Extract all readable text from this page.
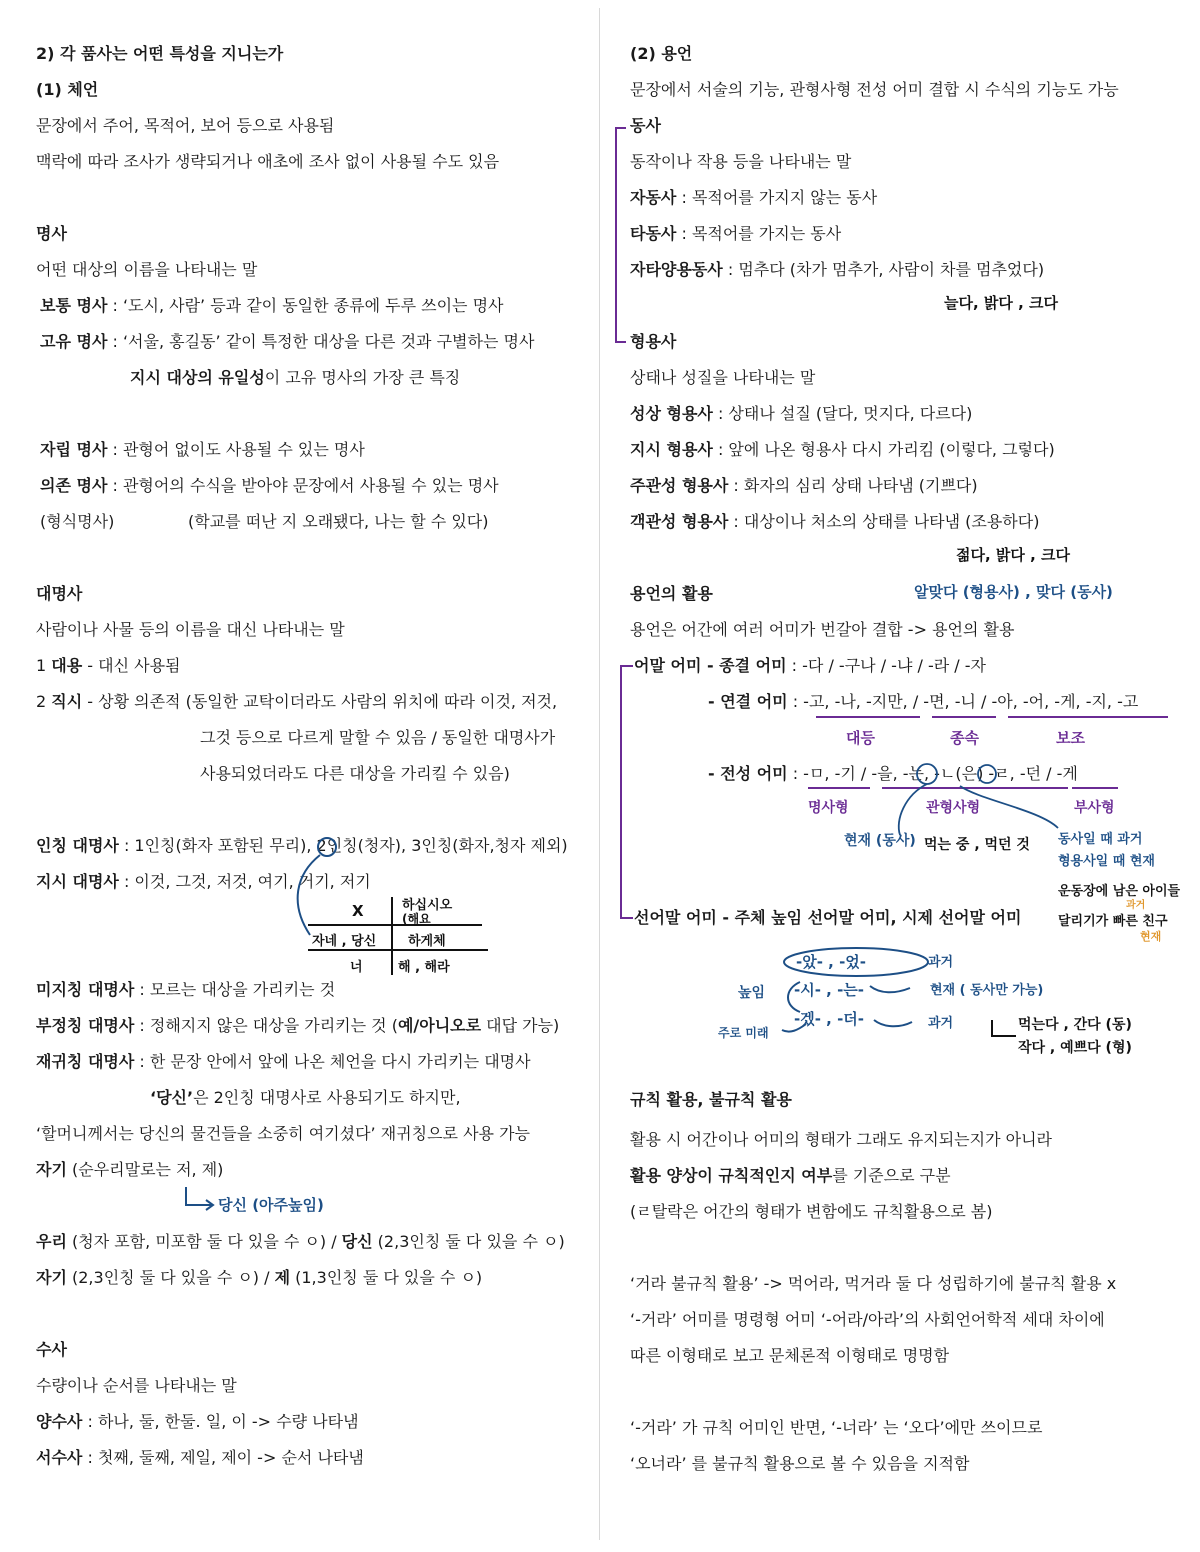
2) 각 품사는 어떤 특성을 지니는가
(1) 체언
문장에서 주어, 목적어, 보어 등으로 사용됨
맥락에 따라 조사가 생략되거나 애초에 조사 없이 사용될 수도 있음
명사
어떤 대상의 이름을 나타내는 말
보통 명사 : ‘도시, 사람’ 등과 같이 동일한 종류에 두루 쓰이는 명사
고유 명사 : ‘서울, 홍길동’ 같이 특정한 대상을 다른 것과 구별하는 명사
지시 대상의 유일성이 고유 명사의 가장 큰 특징
자립 명사 : 관형어 없이도 사용될 수 있는 명사
의존 명사 : 관형어의 수식을 받아야 문장에서 사용될 수 있는 명사
(형식명사)	(학교를 떠난 지 오래됐다, 나는 할 수 있다)
대명사
사람이나 사물 등의 이름을 대신 나타내는 말
1 대용 - 대신 사용됨
2 직시 - 상황 의존적 (동일한 교탁이더라도 사람의 위치에 따라 이것, 저것,
그것 등으로 다르게 말할 수 있음 / 동일한 대명사가
사용되었더라도 다른 대상을 가리킬 수 있음)
인칭 대명사 : 1인칭(화자 포함된 무리), 2인칭(청자), 3인칭(화자,청자 제외)
지시 대명사 : 이것, 그것, 저것, 여기, 거기, 저기
미지칭 대명사 : 모르는 대상을 가리키는 것
부정칭 대명사 : 정해지지 않은 대상을 가리키는 것 (예/아니오로 대답 가능)
재귀칭 대명사 : 한 문장 안에서 앞에 나온 체언을 다시 가리키는 대명사
‘당신’은 2인칭 대명사로 사용되기도 하지만,
‘할머니께서는 당신의 물건들을 소중히 여기셨다’ 재귀칭으로 사용 가능
자기 (순우리말로는 저, 제)
우리 (청자 포함, 미포함 둘 다 있을 수 ㅇ) / 당신 (2,3인칭 둘 다 있을 수 ㅇ)
자기 (2,3인칭 둘 다 있을 수 ㅇ) / 제 (1,3인칭 둘 다 있을 수 ㅇ)
수사
수량이나 순서를 나타내는 말
양수사 : 하나, 둘, 한둘. 일, 이 -> 수량 나타냄
서수사 : 첫째, 둘째, 제일, 제이 -> 순서 나타냄
X	하십시오
(해요
자네 , 당신 하게체
너	해 , 해라
당신 (아주높임)
(2) 용언
문장에서 서술의 기능, 관형사형 전성 어미 결합 시 수식의 기능도 가능
동사
동작이나 작용 등을 나타내는 말
자동사 : 목적어를 가지지 않는 동사
타동사 : 목적어를 가지는 동사
자타양용동사 : 멈추다 (차가 멈추가, 사람이 차를 멈추었다)
늘다, 밝다 , 크다
형용사
상태나 성질을 나타내는 말
성상 형용사 : 상태나 설질 (달다, 멋지다, 다르다)
지시 형용사 : 앞에 나온 형용사 다시 가리킴 (이렇다, 그렇다)
주관성 형용사 : 화자의 심리 상태 나타냄 (기쁘다)
객관성 형용사 : 대상이나 처소의 상태를 나타냄 (조용하다)
젊다, 밝다 , 크다
용언의 활용	알맞다 (형용사) , 맞다 (동사)
용언은 어간에 여러 어미가 번갈아 결합 -> 용언의 활용
어말 어미 - 종결 어미 : -다 / -구나 / -냐 / -라 / -자
- 연결 어미 : -고, -나, -지만, / -면, -니 / -아, -어, -게, -지, -고
- 전성 어미 : -ㅁ, -기 / -을, -는, -ㄴ(은) -ㄹ, -던 / -게
선어말 어미 - 주체 높임 선어말 어미, 시제 선어말 어미
대등	종속	보조
명사형	관형사형	부사형
현재 (동사) 먹는 중 , 먹던 것 동사일 때 과거
형용사일 때 현재
운동장에 남은 아이들
과거
달리기가 빠른 친구
현재
-았- , -었-	과거
높임 -시- , -는-	현재 ( 동사만 가능)
주로 미래
-겠- , -더-	과거	먹는다 , 간다 (동)
작다 , 예쁘다 (형)
규칙 활용, 불규칙 활용
활용 시 어간이나 어미의 형태가 그래도 유지되는지가 아니라
활용 양상이 규칙적인지 여부를 기준으로 구분
(ㄹ탈락은 어간의 형태가 변함에도 규칙활용으로 봄)
‘거라 불규칙 활용’ -> 먹어라, 먹거라 둘 다 성립하기에 불규칙 활용 x
‘-거라’ 어미를 명령형 어미 ‘-어라/아라’의 사회언어학적 세대 차이에
따른 이형태로 보고 문체론적 이형태로 명명함
‘-거라’ 가 규칙 어미인 반면, ‘-너라’ 는 ‘오다’에만 쓰이므로
‘오너라’ 를 불규칙 활용으로 볼 수 있음을 지적함
